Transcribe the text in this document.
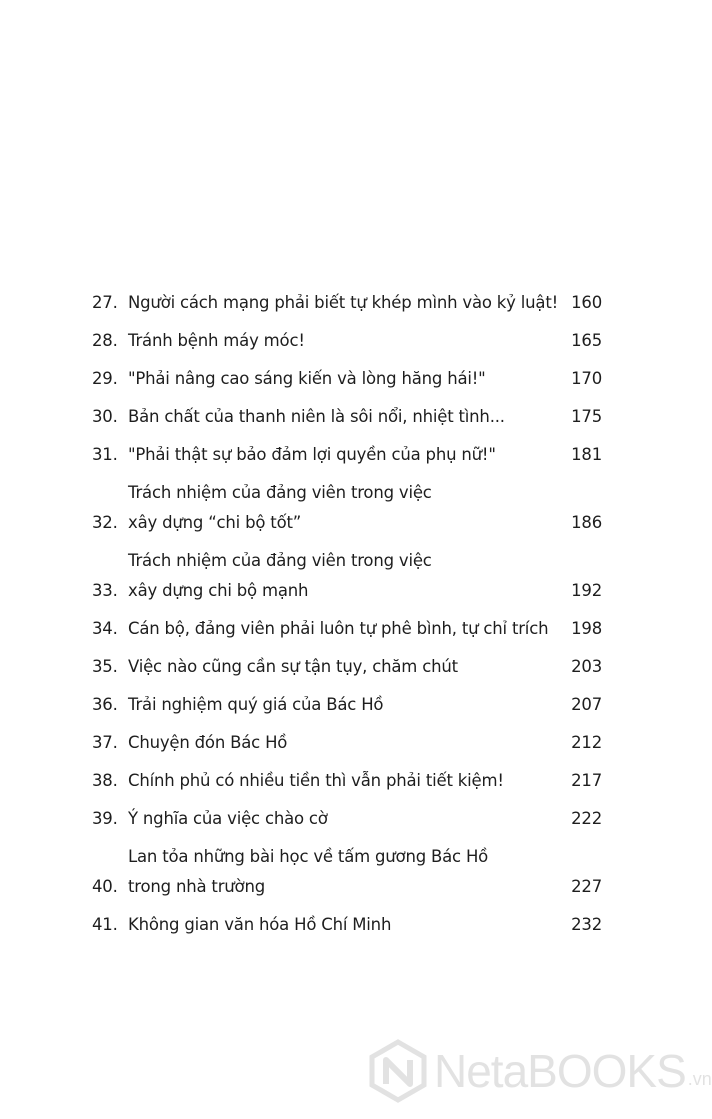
27. Người cách mạng phải biết tự khép mình vào kỷ luật! 160
28. Tránh bệnh máy móc!	165
29. "Phải nâng cao sáng kiến và lòng hăng hái!"	170
30. Bản chất của thanh niên là sôi nổi, nhiệt tình...	175
31. "Phải thật sự bảo đảm lợi quyền của phụ nữ!"	181
32.
Trách nhiệm của đảng viên trong việc
xây dựng “chi bộ tốt”	186
33.
Trách nhiệm của đảng viên trong việc
xây dựng chi bộ mạnh	192
34. Cán bộ, đảng viên phải luôn tự phê bình, tự chỉ trích	198
35. Việc nào cũng cần sự tận tụy, chăm chút	203
36. Trải nghiệm quý giá của Bác Hồ	207
37. Chuyện đón Bác Hồ	212
38. Chính phủ có nhiều tiền thì vẫn phải tiết kiệm!	217
39. Ý nghĩa của việc chào cờ	222
40.
Lan tỏa những bài học về tấm gương Bác Hồ
trong nhà trường	227
41. Không gian văn hóa Hồ Chí Minh	232
NetaBOOKS .vn
